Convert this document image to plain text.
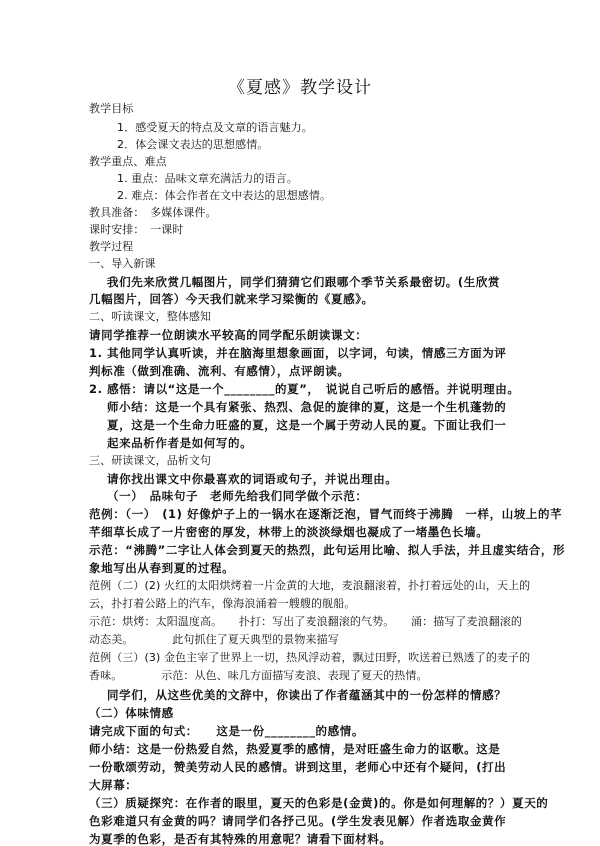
《夏感》教学设计
教学目标
1．感受夏天的特点及文章的语言魅力。
2．体会课文表达的思想感情。
教学重点、难点
1. 重点：品味文章充满活力的语言。
2. 难点：体会作者在文中表达的思想感情。
教具准备：　多媒体课件。
课时安排：　一课时
教学过程
一、导入新课
我们先来欣赏几幅图片，同学们猜猜它们跟哪个季节关系最密切。(生欣赏
几幅图片，回答）今天我们就来学习梁衡的《夏感》。
二、听读课文，整体感知
请同学推荐一位朗读水平较高的同学配乐朗读课文：
1. 其他同学认真听读，并在脑海里想象画面，以字词，句读，情感三方面为评
判标准（做到准确、流利、有感情），点评朗读。
2. 感悟：请以“这是一个________的夏”，　说说自己听后的感悟。并说明理由。
师小结：这是一个具有紧张、热烈、急促的旋律的夏，这是一个生机蓬勃的
夏，这是一个生命力旺盛的夏，这是一个属于劳动人民的夏。下面让我们一
起来品析作者是如何写的。
三、研读课文，品析文句
请你找出课文中你最喜欢的词语或句子，并说出理由。
（一）　品味句子　老师先给我们同学做个示范：
范例：（一）　(1) 好像炉子上的一锅水在逐渐泛泡，冒气而终于沸腾　一样，山坡上的芊
芊细草长成了一片密密的厚发，林带上的淡淡绿烟也凝成了一堵墨色长墙。
示范：“沸腾”二字让人体会到夏天的热烈，此句运用比喻、拟人手法，并且虚实结合，形
象地写出从春到夏的过程。
范例（二）(2) 火红的太阳烘烤着一片金黄的大地，麦浪翻滚着，扑打着远处的山，天上的
云，扑打着公路上的汽车，像海浪涌着一艘艘的舰船。
示范：烘烤：太阳温度高。　　扑打：写出了麦浪翻滚的气势。　　涌：描写了麦浪翻滚的
动态美。　　　　此句抓住了夏天典型的景物来描写
范例（三）(3) 金色主宰了世界上一切，热风浮动着，飘过田野，吹送着已熟透了的麦子的
香味。　　　　示范：从色、味几方面描写麦浪、表现了夏天的热情。
同学们，从这些优美的文辞中，你读出了作者蕴涵其中的一份怎样的情感？
（二）体味情感
请完成下面的句式：　　这是一份________的感情。
师小结：这是一份热爱自然，热爱夏季的感情，是对旺盛生命力的讴歌。这是
一份歌颂劳动，赞美劳动人民的感情。讲到这里，老师心中还有个疑问，(打出
大屏幕：
（三）质疑探究：在作者的眼里，夏天的色彩是(金黄)的。你是如何理解的？）夏天的
色彩难道只有金黄的吗？请同学们各抒己见。(学生发表见解）作者选取金黄作
为夏季的色彩，是否有其特殊的用意呢？请看下面材料。
